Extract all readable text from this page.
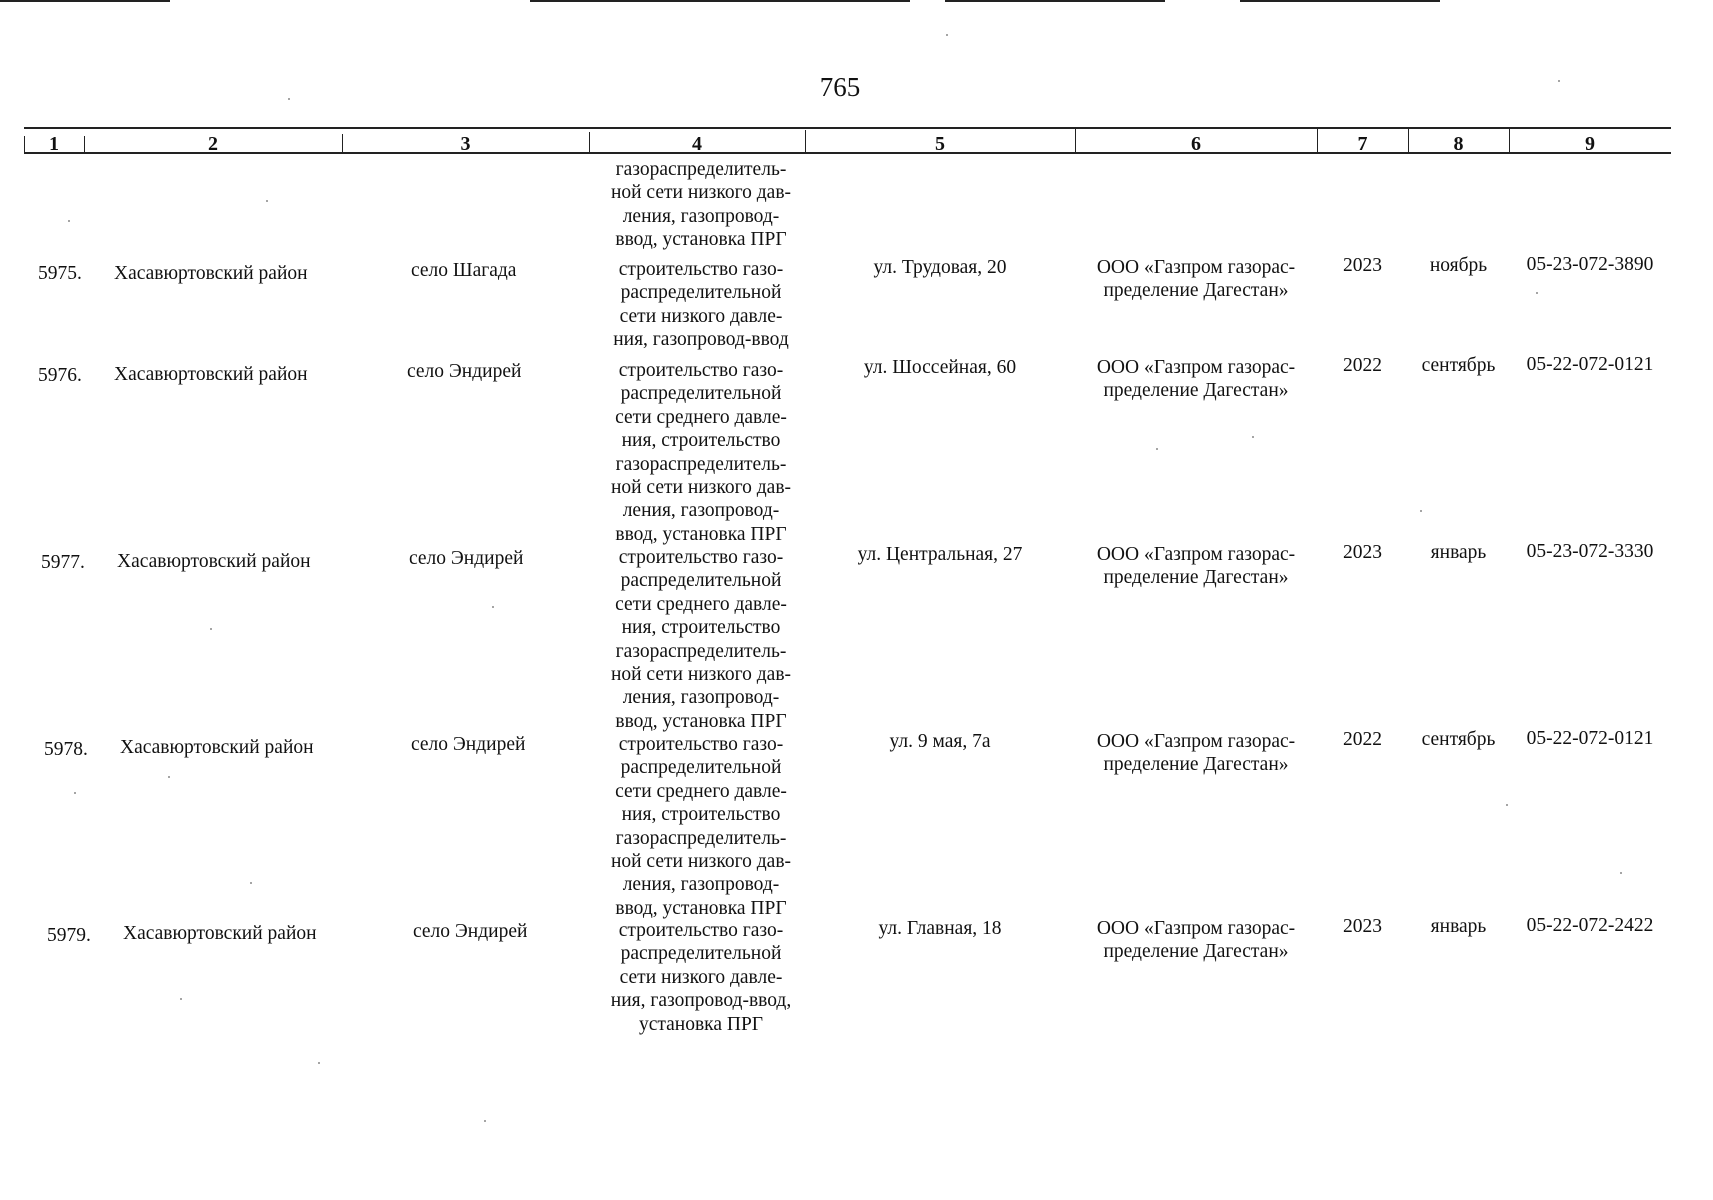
765
1	2	3	4	5	6	7	8	9
газораспределитель-
ной сети низкого дав-
ления, газопровод-
ввод, установка ПРГ
5975. Хасавюртовский район	село Шагада	строительство газо-
распределительной
сети низкого давле-
ния, газопровод-ввод
ул. Трудовая, 20	ООО «Газпром газорас-
пределение Дагестан»
2023	ноябрь	05-23-072-3890
5976. Хасавюртовский район	село Эндирей	строительство газо-
распределительной
сети среднего давле-
ния, строительство
газораспределитель-
ной сети низкого дав-
ления, газопровод-
ввод, установка ПРГ
ул. Шоссейная, 60	ООО «Газпром газорас-
пределение Дагестан»
2022	сентябрь	05-22-072-0121
5977. Хасавюртовский район	село Эндирей	строительство газо-
распределительной
сети среднего давле-
ния, строительство
газораспределитель-
ной сети низкого дав-
ления, газопровод-
ввод, установка ПРГ
ул. Центральная, 27	ООО «Газпром газорас-
пределение Дагестан»
2023	январь	05-23-072-3330
5978. Хасавюртовский район	село Эндирей	строительство газо-
распределительной
сети среднего давле-
ния, строительство
газораспределитель-
ной сети низкого дав-
ления, газопровод-
ввод, установка ПРГ
ул. 9 мая, 7а	ООО «Газпром газорас-
пределение Дагестан»
2022	сентябрь	05-22-072-0121
5979. Хасавюртовский район	село Эндирей	строительство газо-
распределительной
сети низкого давле-
ния, газопровод-ввод,
установка ПРГ
ул. Главная, 18	ООО «Газпром газорас-
пределение Дагестан»
2023	январь	05-22-072-2422
